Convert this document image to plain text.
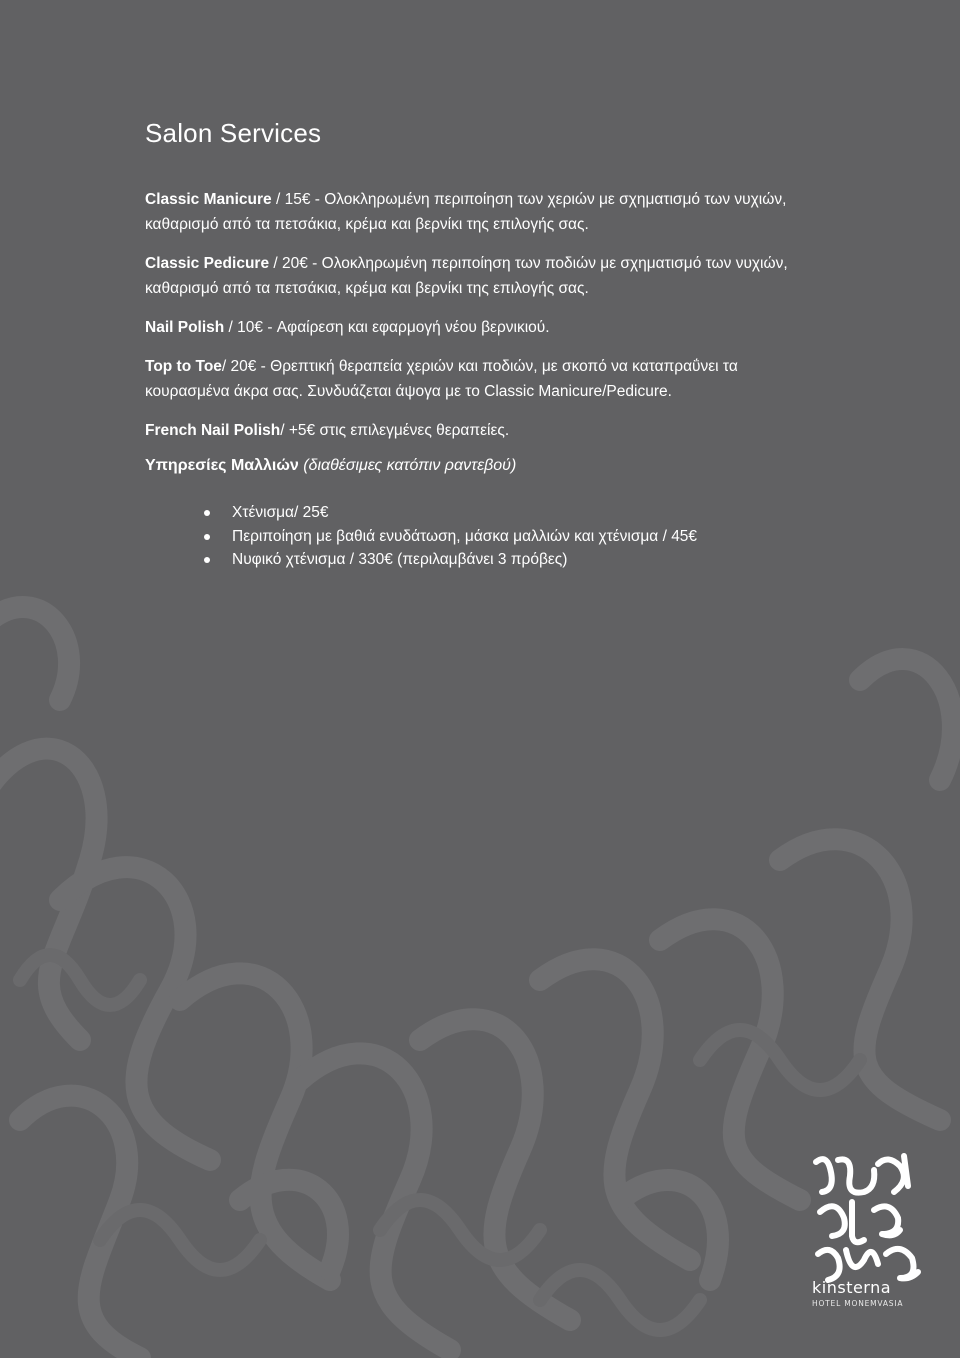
Salon Services

Classic Manicure / 15€ - Ολοκληρωμένη περιποίηση των χεριών με σχηματισμό των νυχιών, καθαρισμό από τα πετσάκια, κρέμα και βερνίκι της επιλογής σας.

Classic Pedicure / 20€ - Ολοκληρωμένη περιποίηση των ποδιών με σχηματισμό των νυχιών, καθαρισμό από τα πετσάκια, κρέμα και βερνίκι της επιλογής σας.

Nail Polish / 10€ - Αφαίρεση και εφαρμογή νέου βερνικιού.

Top to Toe/ 20€ - Θρεπτική θεραπεία χεριών και ποδιών, με σκοπό να καταπραΰνει τα κουρασμένα άκρα σας. Συνδυάζεται άψογα με το Classic Manicure/Pedicure.

French Nail Polish/ +5€ στις επιλεγμένες θεραπείες.

Υπηρεσίες Μαλλιών (διαθέσιμες κατόπιν ραντεβού)
Χτένισμα/ 25€
Περιποίηση με βαθιά ενυδάτωση, μάσκα μαλλιών και χτένισμα / 45€
Νυφικό χτένισμα / 330€ (περιλαμβάνει 3 πρόβες)
kinsterna
HOTEL MONEMVASIA
